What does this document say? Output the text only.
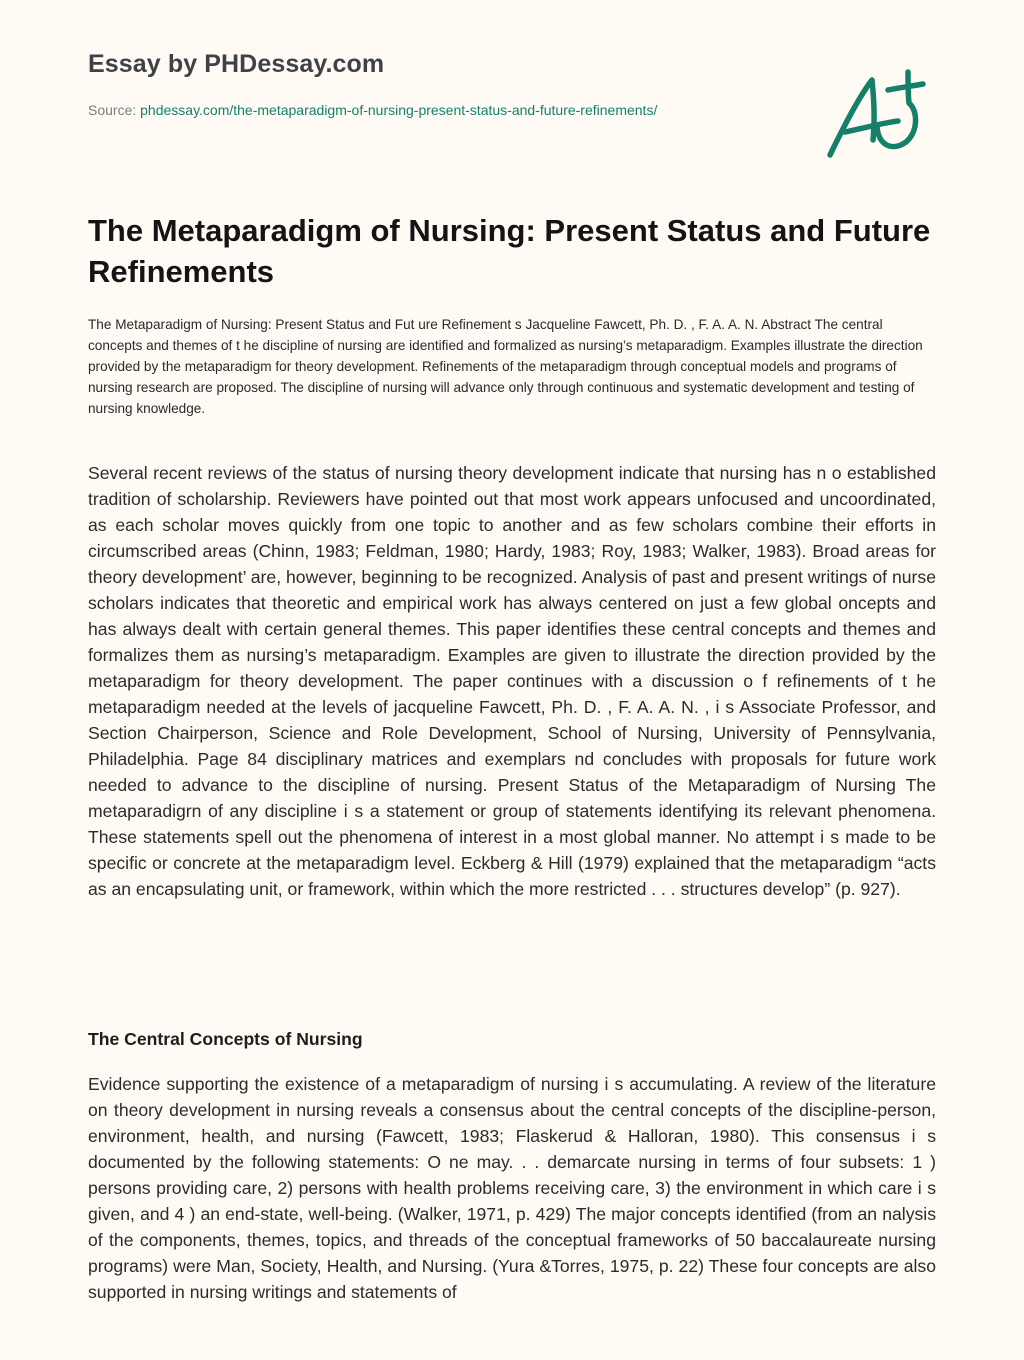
Essay by PHDessay.com
Source: phdessay.com/the-metaparadigm-of-nursing-present-status-and-future-refinements/
The Metaparadigm of Nursing: Present Status and Future Refinements

The Metaparadigm of Nursing: Present Status and Fut ure Refinement s Jacqueline Fawcett, Ph. D. , F. A. A. N. Abstract The central concepts and themes of t he discipline of nursing are identified and formalized as nursing’s metaparadigm. Examples illustrate the direction provided by the metaparadigm for theory development. Refinements of the metaparadigm through conceptual models and programs of nursing research are proposed. The discipline of nursing will advance only through continuous and systematic development and testing of nursing knowledge.

Several recent reviews of the status of nursing theory development indicate that nursing has n o established tradition of scholarship. Reviewers have pointed out that most work appears unfocused and uncoordinated, as each scholar moves quickly from one topic to another and as few scholars combine their efforts in circumscribed areas (Chinn, 1983; Feldman, 1980; Hardy, 1983; Roy, 1983; Walker, 1983). Broad areas for theory development’ are, however, beginning to be recognized. Analysis of past and present writings of nurse scholars indicates that theoretic and empirical work has always centered on just a few global oncepts and has always dealt with certain general themes. This paper identifies these central concepts and themes and formalizes them as nursing’s metaparadigm. Examples are given to illustrate the direction provided by the metaparadigm for theory development. The paper continues with a discussion o f refinements of t he metaparadigm needed at the levels of jacqueline Fawcett, Ph. D. , F. A. A. N. , i s Associate Professor, and Section Chairperson, Science and Role Development, School of Nursing, University of Pennsylvania, Philadelphia. Page 84 disciplinary matrices and exemplars nd concludes with proposals for future work needed to advance to the discipline of nursing. Present Status of the Metaparadigm of Nursing The metaparadigrn of any discipline i s a statement or group of statements identifying its relevant phenomena. These statements spell out the phenomena of interest in a most global manner. No attempt i s made to be specific or concrete at the metaparadigm level. Eckberg & Hill (1979) explained that the metaparadigm “acts as an encapsulating unit, or framework, within which the more restricted . . . structures develop” (p. 927).

The Central Concepts of Nursing

Evidence supporting the existence of a metaparadigm of nursing i s accumulating. A review of the literature on theory development in nursing reveals a consensus about the central concepts of the discipline-person, environment, health, and nursing (Fawcett, 1983; Flaskerud & Halloran, 1980). This consensus i s documented by the following statements: O ne may. . . demarcate nursing in terms of four subsets: 1 ) persons providing care, 2) persons with health problems receiving care, 3) the environment in which care i s given, and 4 ) an end-state, well-being. (Walker, 1971, p. 429) The major concepts identified (from an nalysis of the components, themes, topics, and threads of the conceptual frameworks of 50 baccalaureate nursing programs) were Man, Society, Health, and Nursing. (Yura &Torres, 1975, p. 22) These four concepts are also supported in nursing writings and statements of
